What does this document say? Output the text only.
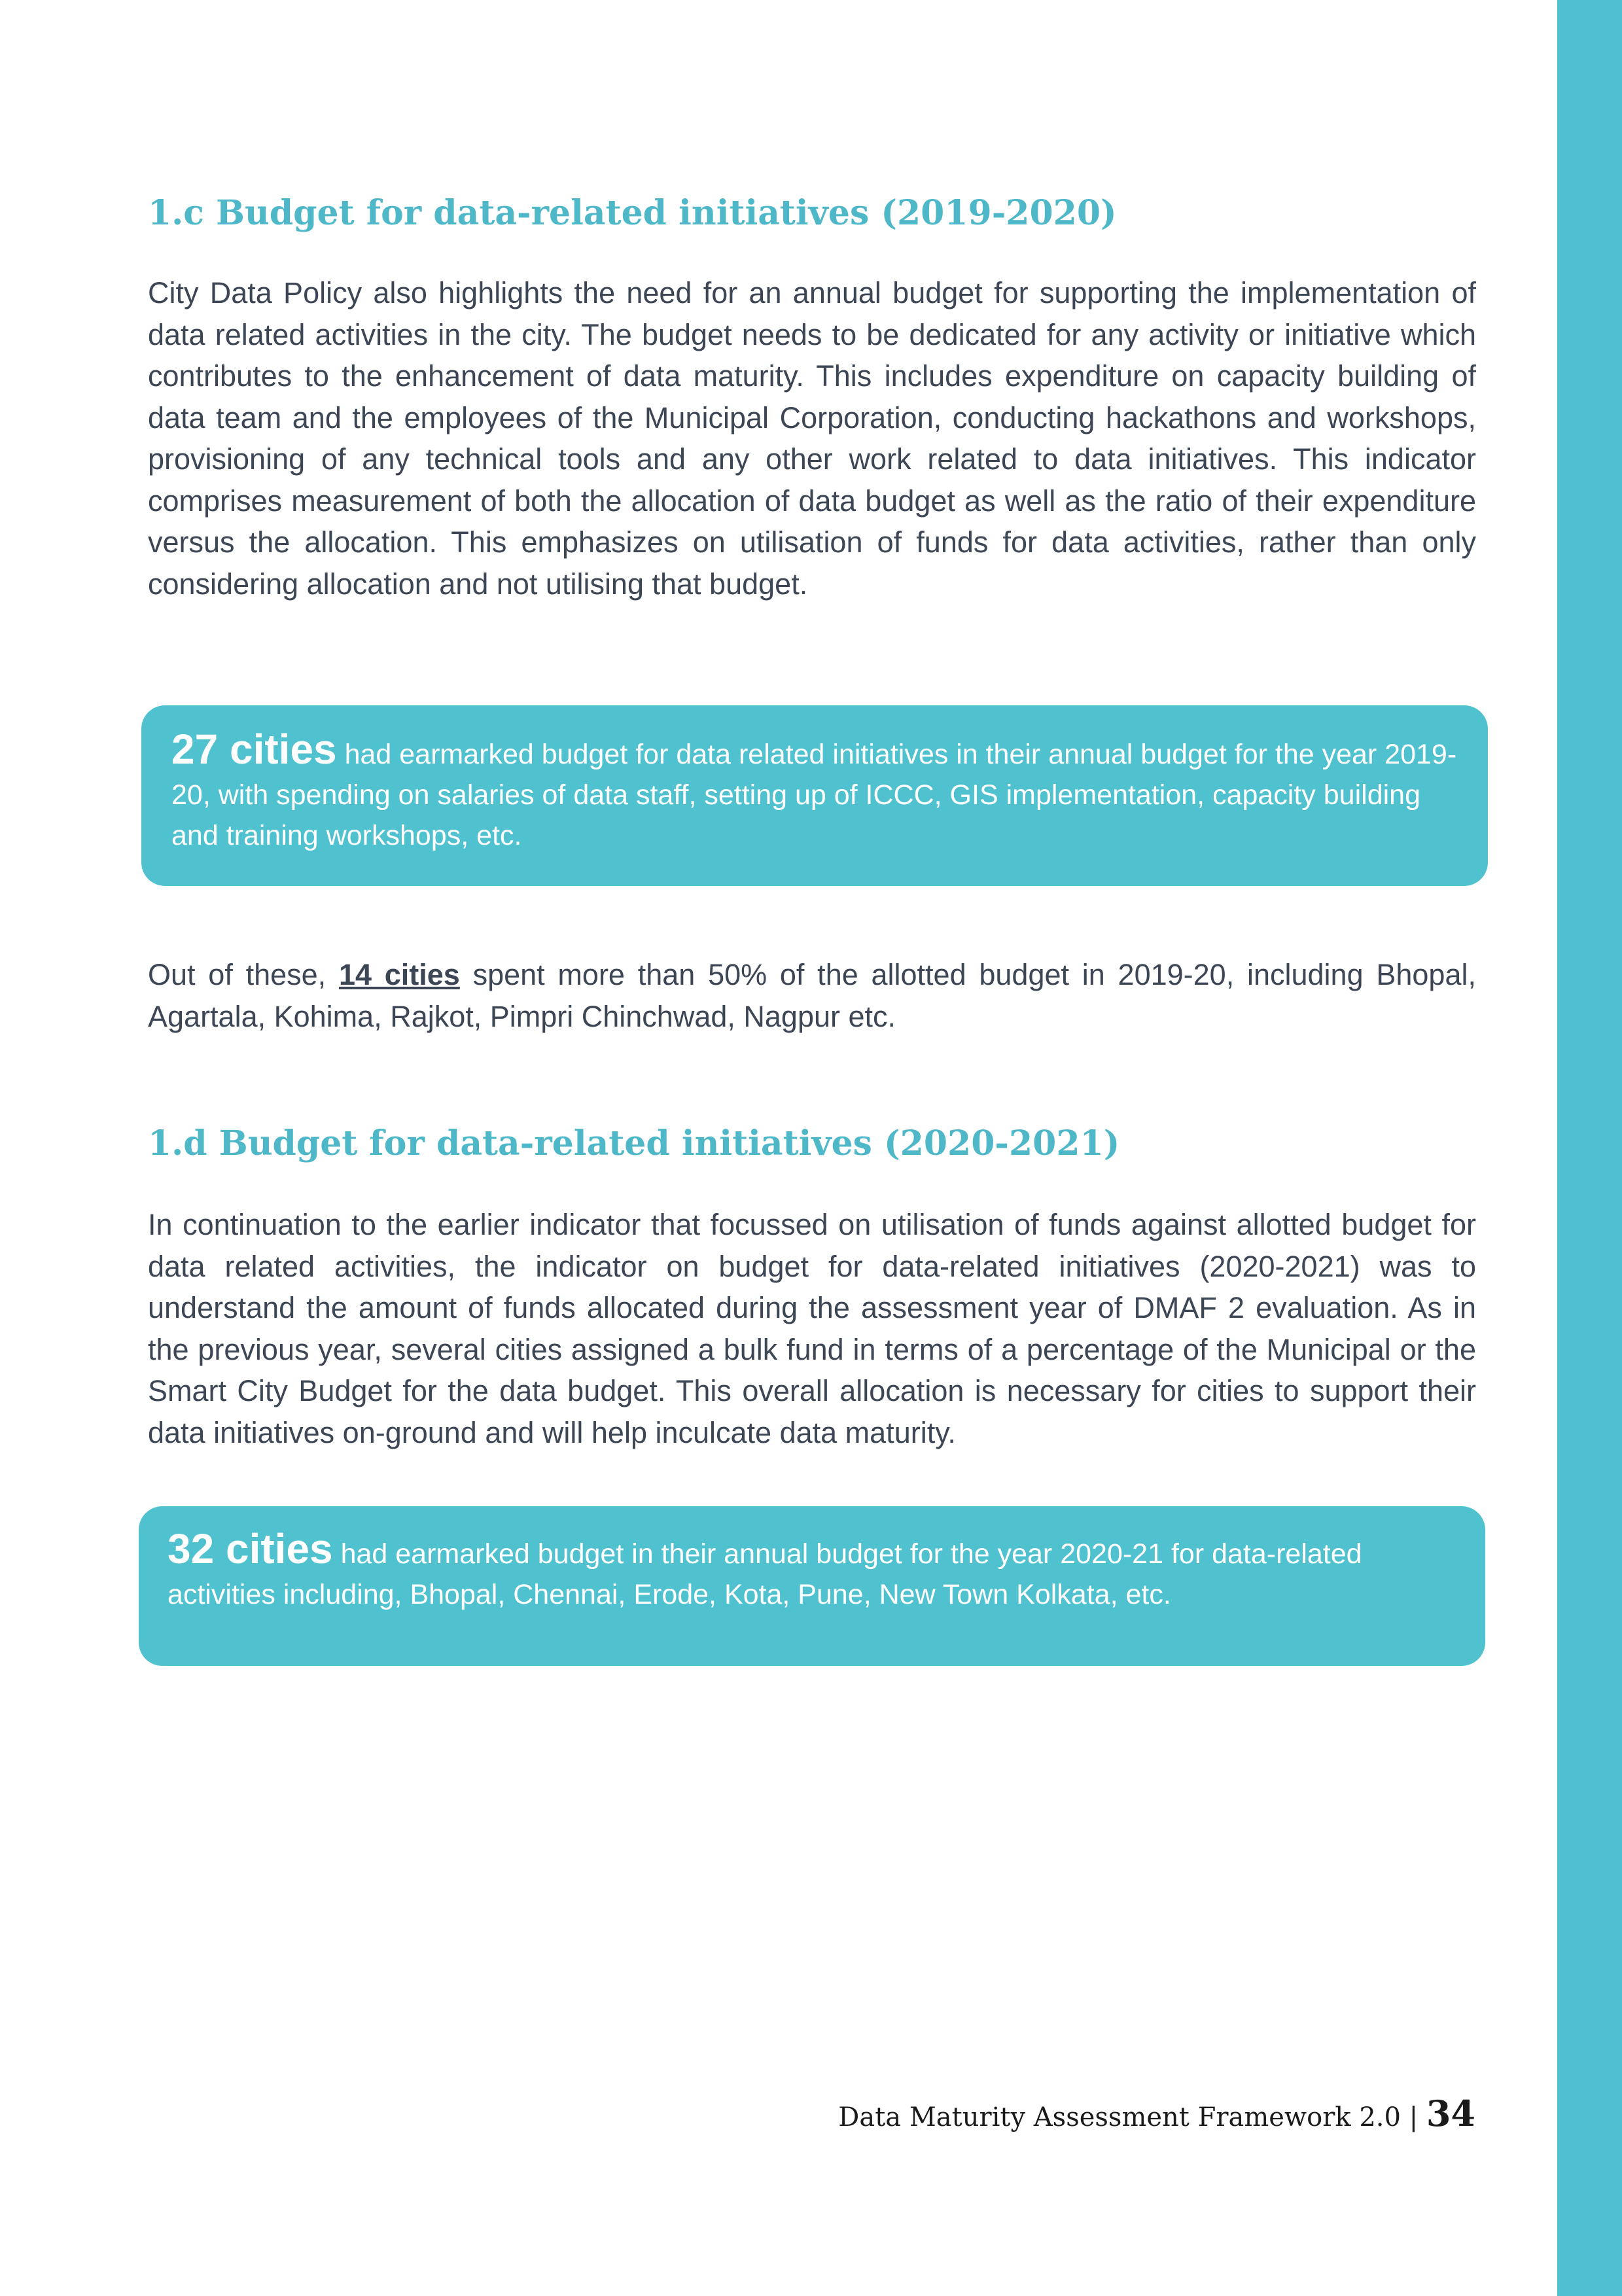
1.c Budget for data-related initiatives (2019-2020)

City Data Policy also highlights the need for an annual budget for supporting the implementation of data related activities in the city. The budget needs to be dedicated for any activity or initiative which contributes to the enhancement of data maturity. This includes expenditure on capacity building of data team and the employees of the Municipal Corporation, conducting hackathons and workshops, provisioning of any technical tools and any other work related to data initiatives. This indicator comprises measurement of both the allocation of data budget as well as the ratio of their expenditure versus the allocation. This emphasizes on utilisation of funds for data activities, rather than only considering allocation and not utilising that budget.

27 cities had earmarked budget for data related initiatives in their annual budget for the year 2019-20, with spending on salaries of data staff, setting up of ICCC, GIS implementation, capacity building and training workshops, etc.

Out of these, 14 cities spent more than 50% of the allotted budget in 2019-20, including Bhopal, Agartala, Kohima, Rajkot, Pimpri Chinchwad, Nagpur etc.

1.d Budget for data-related initiatives (2020-2021)

In continuation to the earlier indicator that focussed on utilisation of funds against allotted budget for data related activities, the indicator on budget for data-related initiatives (2020-2021) was to understand the amount of funds allocated during the assessment year of DMAF 2 evaluation. As in the previous year, several cities assigned a bulk fund in terms of a percentage of the Municipal or the Smart City Budget for the data budget. This overall allocation is necessary for cities to support their data initiatives on-ground and will help inculcate data maturity.

32 cities had earmarked budget in their annual budget for the year 2020-21 for data-related activities including, Bhopal, Chennai, Erode, Kota, Pune, New Town Kolkata, etc.

Data Maturity Assessment Framework 2.0 | 34
